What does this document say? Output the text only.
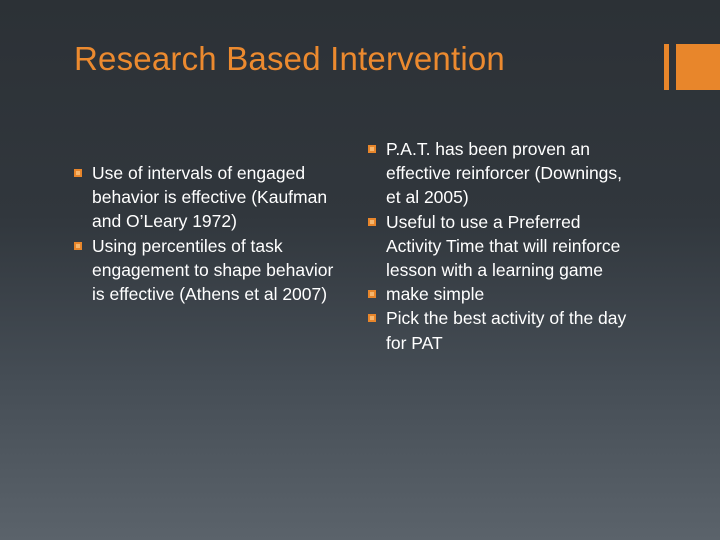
Research Based Intervention
Use of intervals of engaged behavior is effective (Kaufman and O’Leary 1972)
Using percentiles of task engagement to shape behavior is effective (Athens et al 2007)
P.A.T. has been proven an effective reinforcer (Downings, et al 2005)
Useful to use a Preferred Activity Time that will reinforce lesson with a learning game
make simple
Pick the best activity of the day for PAT
